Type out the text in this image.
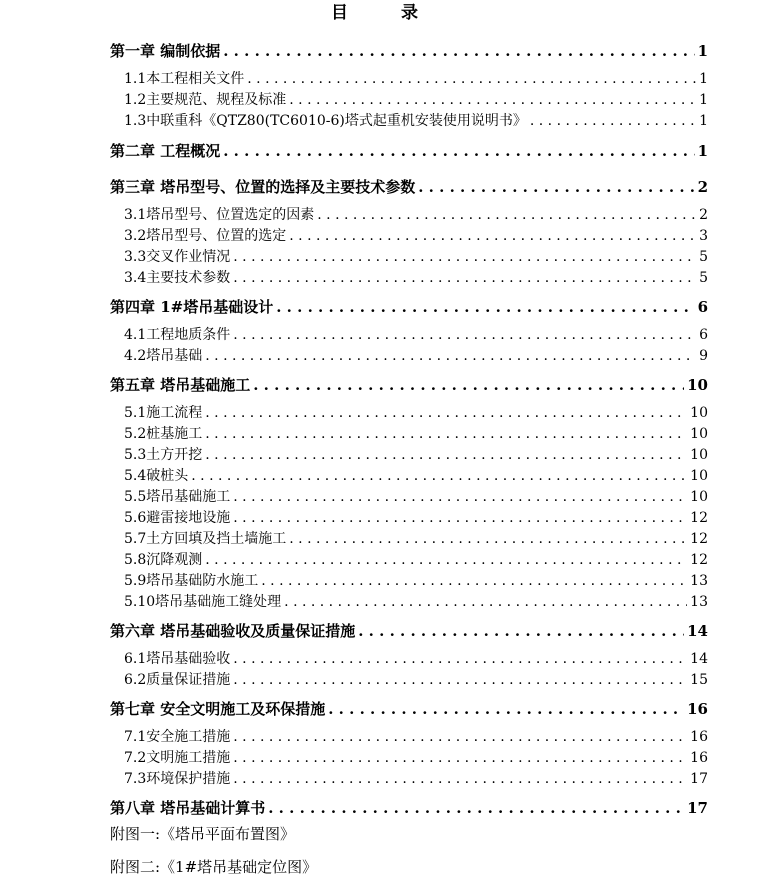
目　录
第一章 编制依据 . . .	1
1.1本工程相关文件 . . .	1
1.2主要规范、规程及标准 . . .	1
1.3中联重科《QTZ80(TC6010-6)塔式起重机安装使用说明书》 . . .	1
第二章 工程概况 . . .	1
第三章 塔吊型号、位置的选择及主要技术参数 . . .	2
3.1塔吊型号、位置选定的因素 . . .	2
3.2塔吊型号、位置的选定 . . .	3
3.3交叉作业情况 . . .	5
3.4主要技术参数 . . .	5
第四章 1#塔吊基础设计 . . .	6
4.1工程地质条件 . . .	6
4.2塔吊基础 . . .	9
第五章 塔吊基础施工 . . .	10
5.1施工流程 . . .	10
5.2桩基施工 . . .	10
5.3土方开挖 . . .	10
5.4破桩头 . . .	10
5.5塔吊基础施工 . . .	10
5.6避雷接地设施 . . .	12
5.7土方回填及挡土墙施工 . . .	12
5.8沉降观测 . . .	12
5.9塔吊基础防水施工 . . .	13
5.10塔吊基础施工缝处理 . . .	13
第六章 塔吊基础验收及质量保证措施 . . .	14
6.1塔吊基础验收 . . .	14
6.2质量保证措施 . . .	15
第七章 安全文明施工及环保措施 . . .	16
7.1安全施工措施 . . .	16
7.2文明施工措施 . . .	16
7.3环境保护措施 . . .	17
第八章 塔吊基础计算书 . . .	17
附图一:《塔吊平面布置图》
附图二:《1#塔吊基础定位图》
